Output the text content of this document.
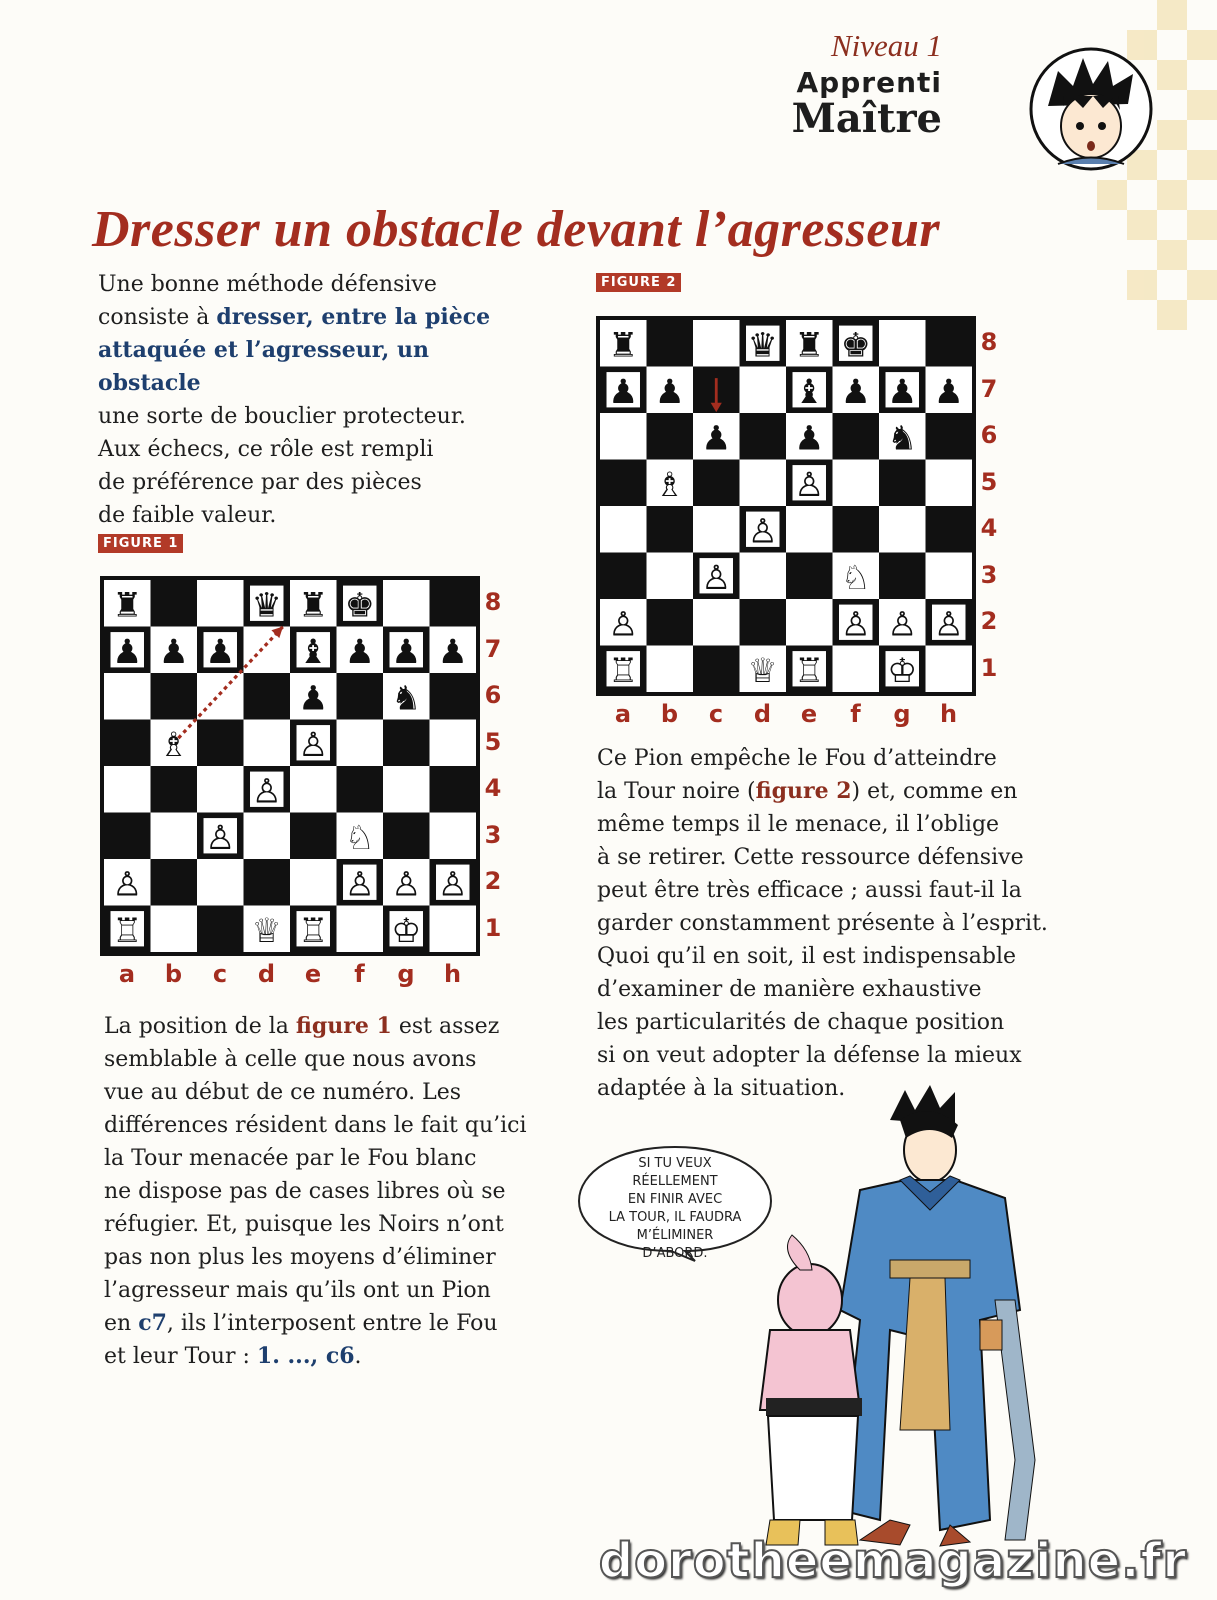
Niveau 1
Apprenti
Maître
Dresser un obstacle devant l’agresseur
Une bonne méthode défensive
consiste à dresser, entre la pièce
attaquée et l’agresseur, un obstacle
une sorte de bouclier protecteur.
Aux échecs, ce rôle est rempli
de préférence par des pièces
de faible valeur.
FIGURE 1
8
7
6
5
4
3
2
1
a	b	c	d	e	f	g	h
FIGURE 2
8
7
6
5
4
3
2
1
a	b	c	d	e	f	g	h
La position de la figure 1 est assez
semblable à celle que nous avons
vue au début de ce numéro. Les
différences résident dans le fait qu’ici
la Tour menacée par le Fou blanc
ne dispose pas de cases libres où se
réfugier. Et, puisque les Noirs n’ont
pas non plus les moyens d’éliminer
l’agresseur mais qu’ils ont un Pion
en c7, ils l’interposent entre le Fou
et leur Tour : 1. ..., c6.
Ce Pion empêche le Fou d’atteindre
la Tour noire (figure 2) et, comme en
même temps il le menace, il l’oblige
à se retirer. Cette ressource défensive
peut être très efficace ; aussi faut-il la
garder constamment présente à l’esprit.
Quoi qu’il en soit, il est indispensable
d’examiner de manière exhaustive
les particularités de chaque position
si on veut adopter la défense la mieux
adaptée à la situation.
SI TU VEUX
RÉELLEMENT
EN FINIR AVEC
LA TOUR, IL FAUDRA
M’ÉLIMINER
D’ABORD.
dorotheemagazine.fr
